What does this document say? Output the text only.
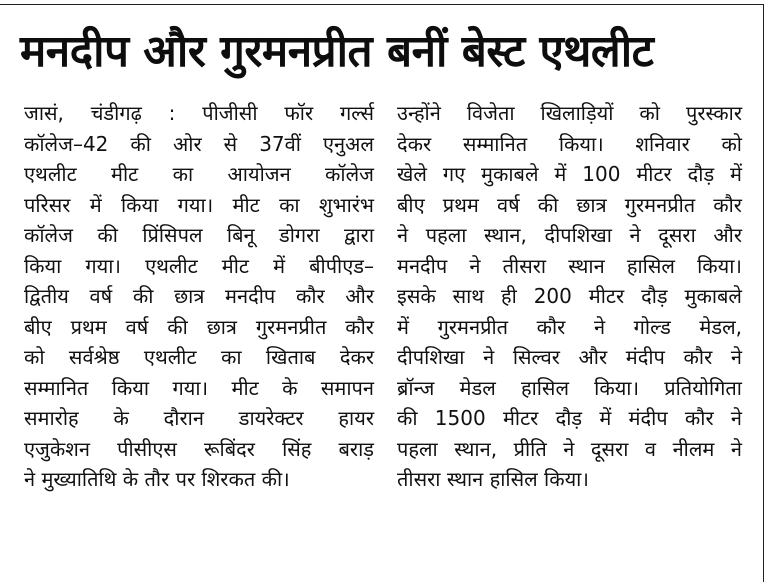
मनदीप और गुरमनप्रीत बनीं बेस्ट एथलीट
जासं, चंडीगढ़ : पीजीसी फॉर गर्ल्स
कॉलेज–42 की ओर से 37वीं एनुअल
एथलीट मीट का आयोजन कॉलेज
परिसर में किया गया। मीट का शुभारंभ
कॉलेज की प्रिंसिपल बिनू डोगरा द्वारा
किया गया। एथलीट मीट में बीपीएड–
द्वितीय वर्ष की छात्र मनदीप कौर और
बीए प्रथम वर्ष की छात्र गुरमनप्रीत कौर
को सर्वश्रेष्ठ एथलीट का खिताब देकर
सम्मानित किया गया। मीट के समापन
समारोह के दौरान डायरेक्टर हायर
एजुकेशन पीसीएस रूबिंदर सिंह बराड़
ने मुख्यातिथि के तौर पर शिरकत की।
उन्होंने विजेता खिलाड़ियों को पुरस्कार
देकर सम्मानित किया। शनिवार को
खेले गए मुकाबले में 100 मीटर दौड़ में
बीए प्रथम वर्ष की छात्र गुरमनप्रीत कौर
ने पहला स्थान, दीपशिखा ने दूसरा और
मनदीप ने तीसरा स्थान हासिल किया।
इसके साथ ही 200 मीटर दौड़ मुकाबले
में गुरमनप्रीत कौर ने गोल्ड मेडल,
दीपशिखा ने सिल्वर और मंदीप कौर ने
ब्रॉन्ज मेडल हासिल किया। प्रतियोगिता
की 1500 मीटर दौड़ में मंदीप कौर ने
पहला स्थान, प्रीति ने दूसरा व नीलम ने
तीसरा स्थान हासिल किया।
